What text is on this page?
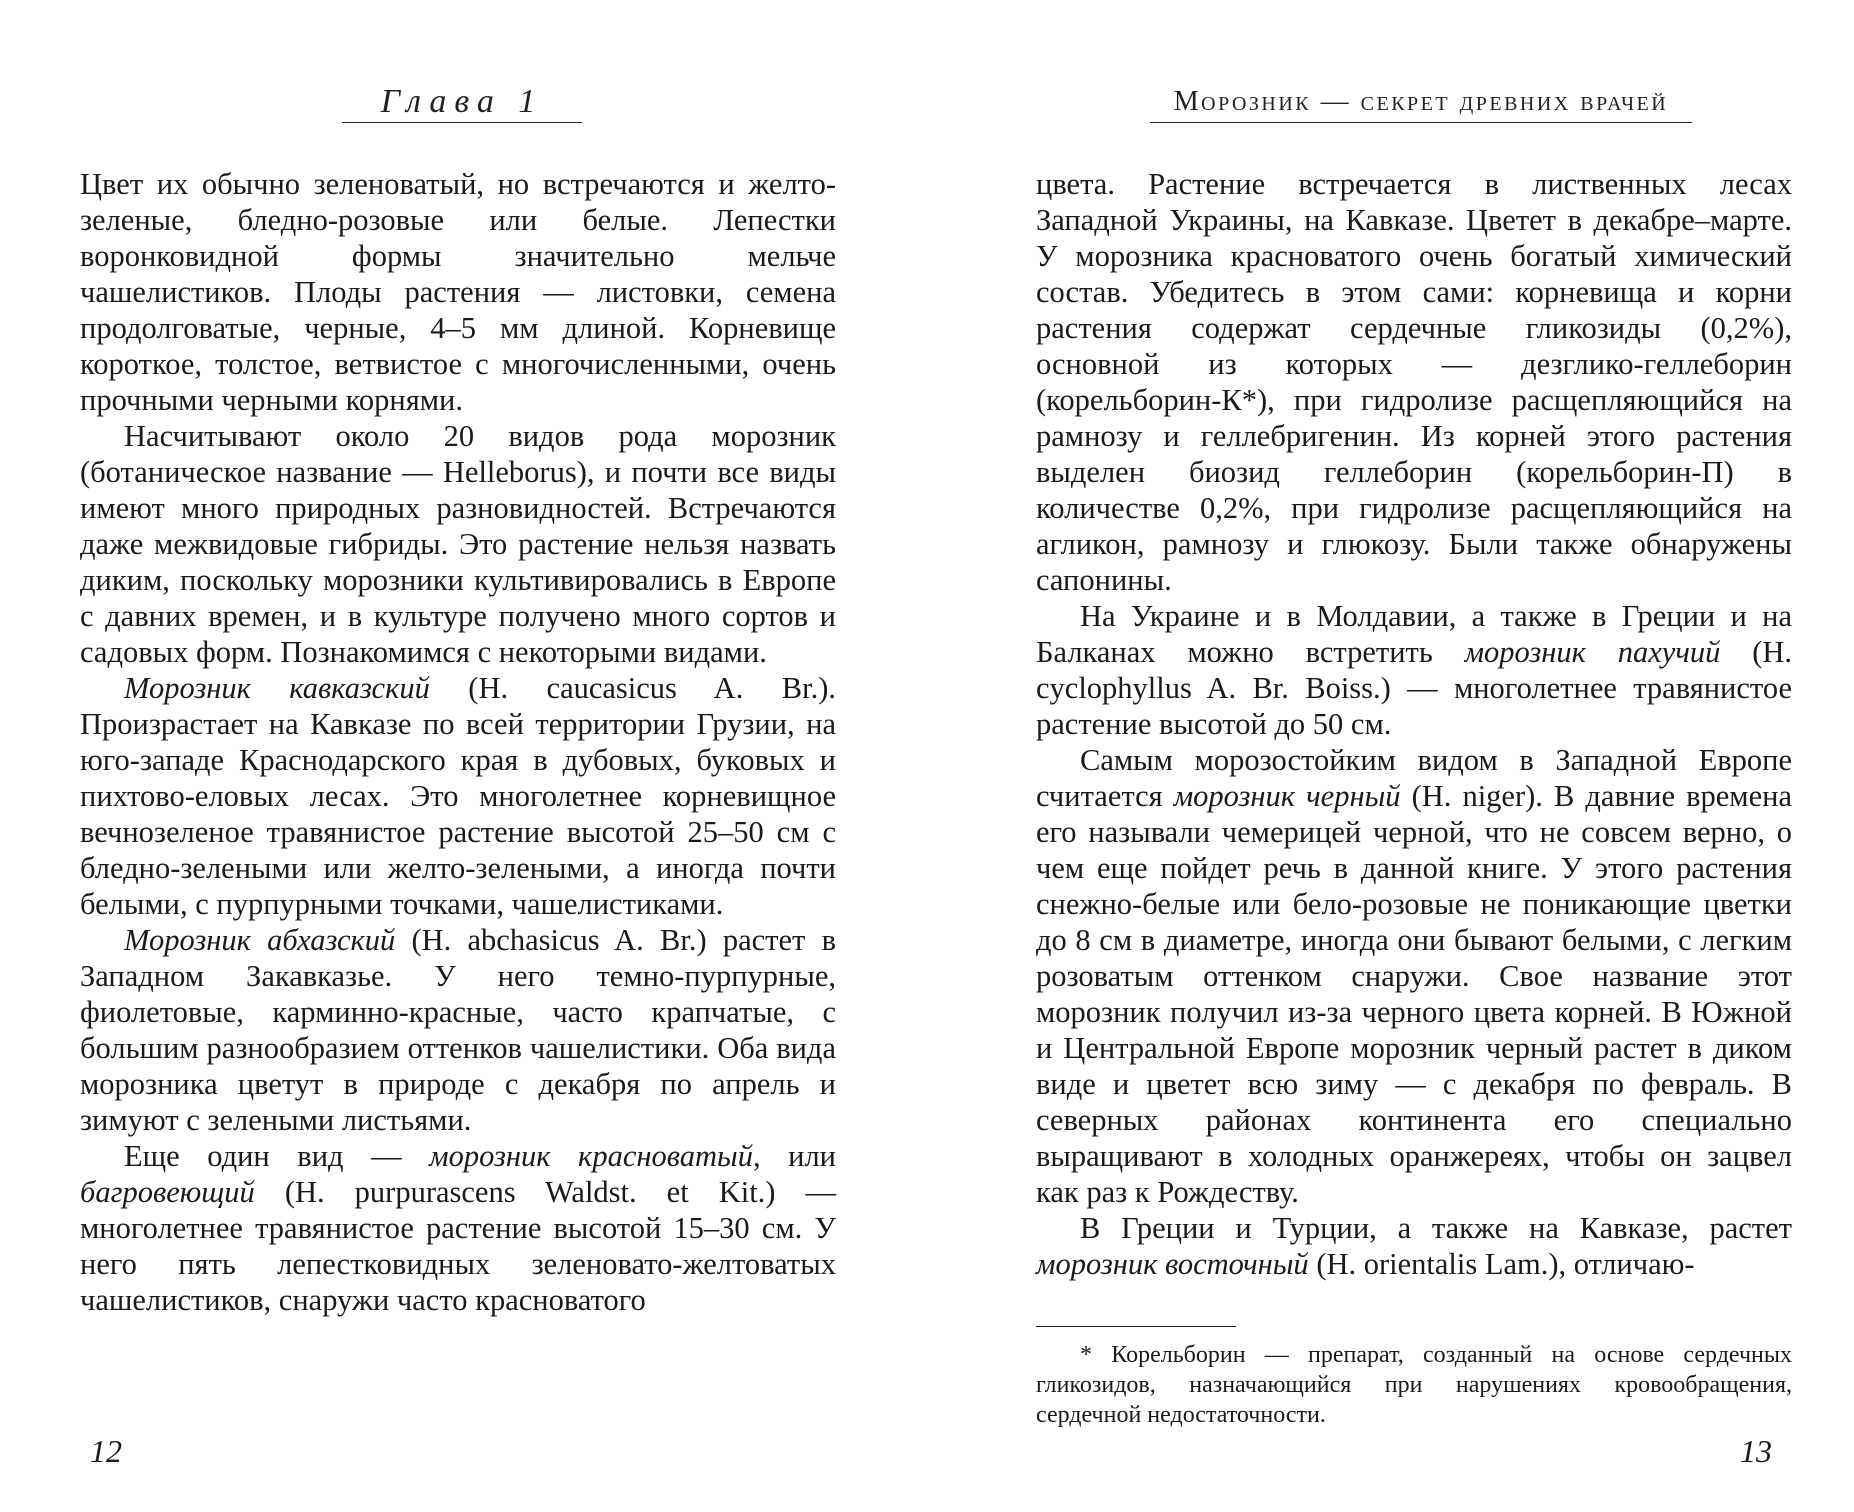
Глава 1

Цвет их обычно зеленоватый, но встречаются и желто-зеленые, бледно-розовые или белые. Лепестки воронковидной формы значительно мельче чашелистиков. Плоды растения — листовки, семена продолговатые, черные, 4–5 мм длиной. Корневище короткое, толстое, ветвистое с многочисленными, очень прочными черными корнями.

Насчитывают около 20 видов рода морозник (ботаническое название — Helleborus), и почти все виды имеют много природных разновидностей. Встречаются даже межвидовые гибриды. Это растение нельзя назвать диким, поскольку морозники культивировались в Европе с давних времен, и в культуре получено много сортов и садовых форм. Познакомимся с некоторыми видами.

Морозник кавказский (H. caucasicus A. Br.). Произрастает на Кавказе по всей территории Грузии, на юго-западе Краснодарского края в дубовых, буковых и пихтово-еловых лесах. Это многолетнее корневищное вечнозеленое травянистое растение высотой 25–50 см с бледно-зелеными или желто-зелеными, а иногда почти белыми, с пурпурными точками, чашелистиками.

Морозник абхазский (H. abchasicus A. Br.) растет в Западном Закавказье. У него темно-пурпурные, фиолетовые, карминно-красные, часто крапчатые, с большим разнообразием оттенков чашелистики. Оба вида морозника цветут в природе с декабря по апрель и зимуют с зелеными листьями.

Еще один вид — морозник красноватый, или багровеющий (H. purpurascens Waldst. et Kit.) — многолетнее травянистое растение высотой 15–30 см. У него пять лепестковидных зеленовато-желтоватых чашелистиков, снаружи часто красноватого

12
Морозник — секрет древних врачей

цвета. Растение встречается в лиственных лесах Западной Украины, на Кавказе. Цветет в декабре–марте. У морозника красноватого очень богатый химический состав. Убедитесь в этом сами: корневища и корни растения содержат сердечные гликозиды (0,2%), основной из которых — дезглико-геллеборин (корельборин-К*), при гидролизе расщепляющийся на рамнозу и геллебригенин. Из корней этого растения выделен биозид геллеборин (корельборин-П) в количестве 0,2%, при гидролизе расщепляющийся на агликон, рамнозу и глюкозу. Были также обнаружены сапонины.

На Украине и в Молдавии, а также в Греции и на Балканах можно встретить морозник пахучий (H. cyclophyllus A. Br. Boiss.) — многолетнее травянистое растение высотой до 50 см.

Самым морозостойким видом в Западной Европе считается морозник черный (H. niger). В давние времена его называли чемерицей черной, что не совсем верно, о чем еще пойдет речь в данной книге. У этого растения снежно-белые или бело-розовые не поникающие цветки до 8 см в диаметре, иногда они бывают белыми, с легким розоватым оттенком снаружи. Свое название этот морозник получил из-за черного цвета корней. В Южной и Центральной Европе морозник черный растет в диком виде и цветет всю зиму — с декабря по февраль. В северных районах континента его специально выращивают в холодных оранжереях, чтобы он зацвел как раз к Рождеству.

В Греции и Турции, а также на Кавказе, растет морозник восточный (H. orientalis Lam.), отличаю-

* Корельборин — препарат, созданный на основе сердечных гликозидов, назначающийся при нарушениях кровообращения, сердечной недостаточности.

13
